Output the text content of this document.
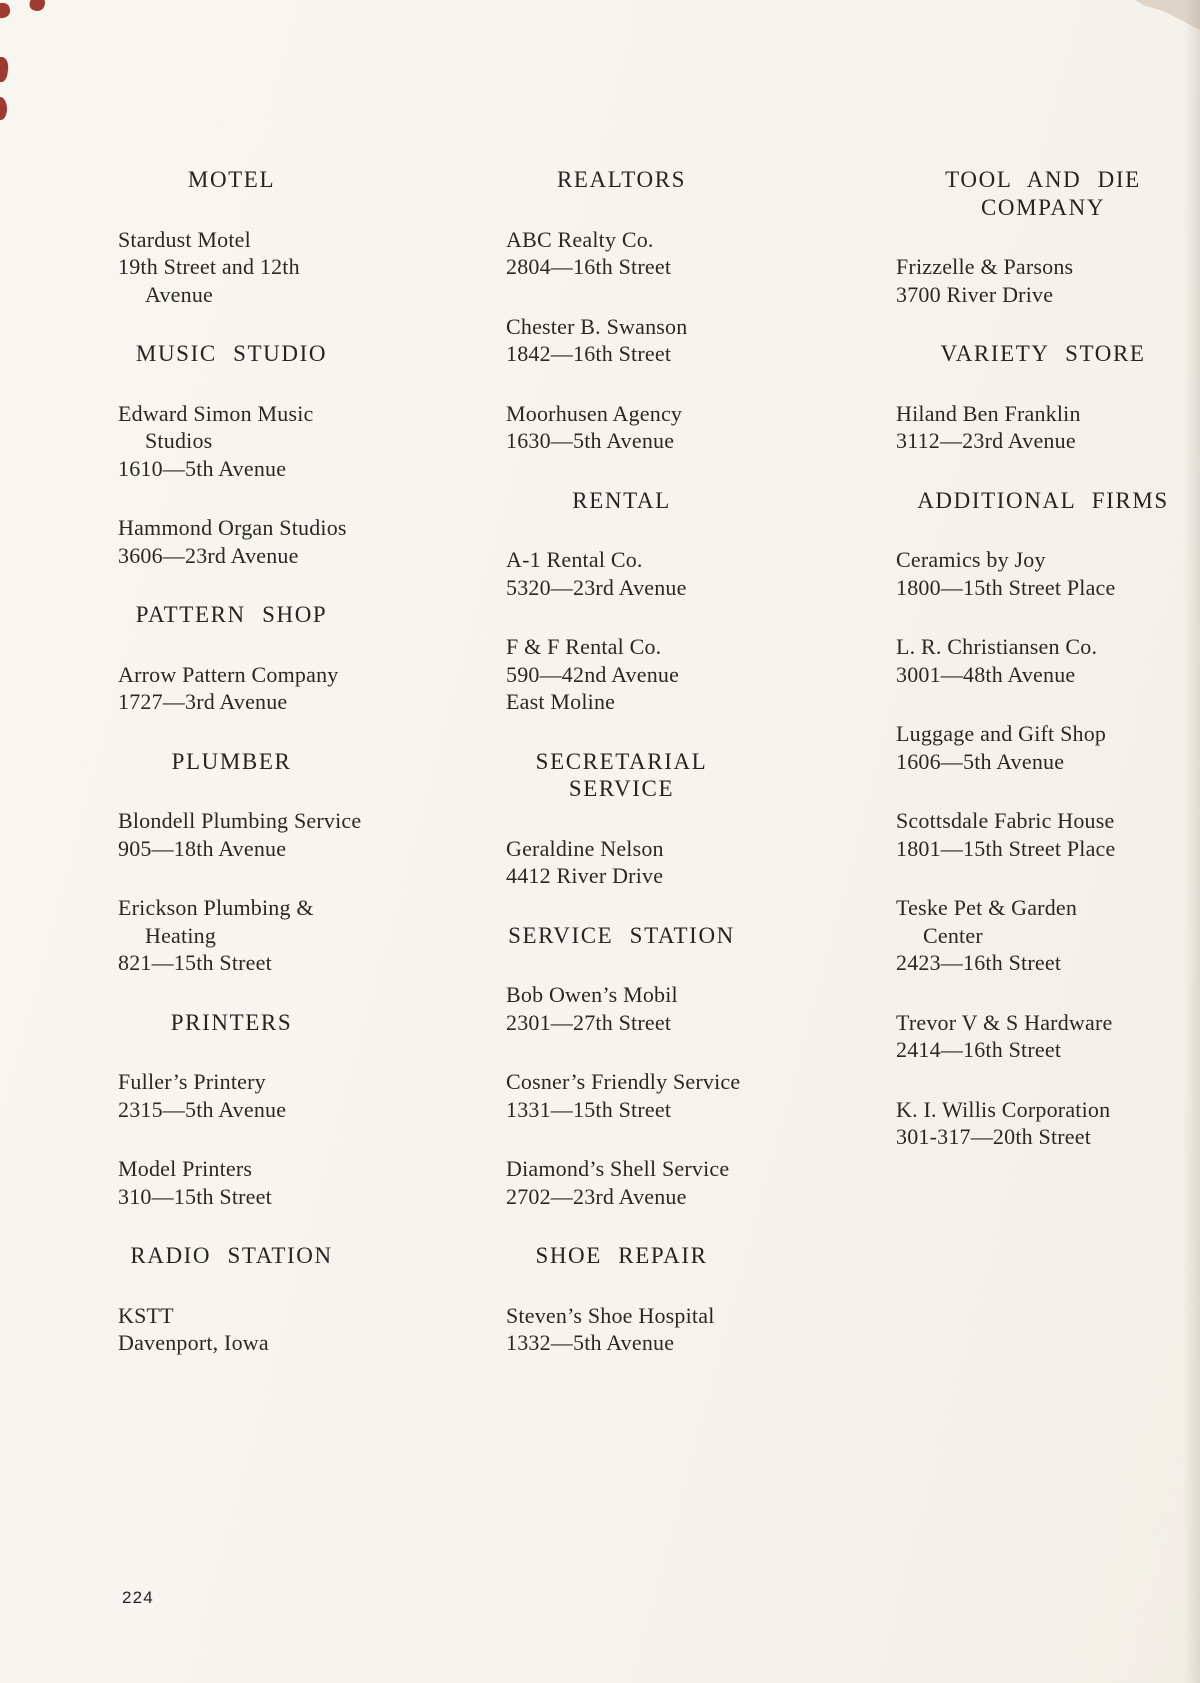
MOTEL
Stardust Motel
19th Street and 12th
Avenue
MUSIC STUDIO
Edward Simon Music
Studios
1610—5th Avenue
Hammond Organ Studios
3606—23rd Avenue
PATTERN SHOP
Arrow Pattern Company
1727—3rd Avenue
PLUMBER
Blondell Plumbing Service
905—18th Avenue
Erickson Plumbing &
Heating
821—15th Street
PRINTERS
Fuller’s Printery
2315—5th Avenue
Model Printers
310—15th Street
RADIO STATION
KSTT
Davenport, Iowa
REALTORS
ABC Realty Co.
2804—16th Street
Chester B. Swanson
1842—16th Street
Moorhusen Agency
1630—5th Avenue
RENTAL
A-1 Rental Co.
5320—23rd Avenue
F & F Rental Co.
590—42nd Avenue
East Moline
SECRETARIAL
SERVICE
Geraldine Nelson
4412 River Drive
SERVICE STATION
Bob Owen’s Mobil
2301—27th Street
Cosner’s Friendly Service
1331—15th Street
Diamond’s Shell Service
2702—23rd Avenue
SHOE REPAIR
Steven’s Shoe Hospital
1332—5th Avenue
TOOL AND DIE
COMPANY
Frizzelle & Parsons
3700 River Drive
VARIETY STORE
Hiland Ben Franklin
3112—23rd Avenue
ADDITIONAL FIRMS
Ceramics by Joy
1800—15th Street Place
L. R. Christiansen Co.
3001—48th Avenue
Luggage and Gift Shop
1606—5th Avenue
Scottsdale Fabric House
1801—15th Street Place
Teske Pet & Garden
Center
2423—16th Street
Trevor V & S Hardware
2414—16th Street
K. I. Willis Corporation
301-317—20th Street
224
